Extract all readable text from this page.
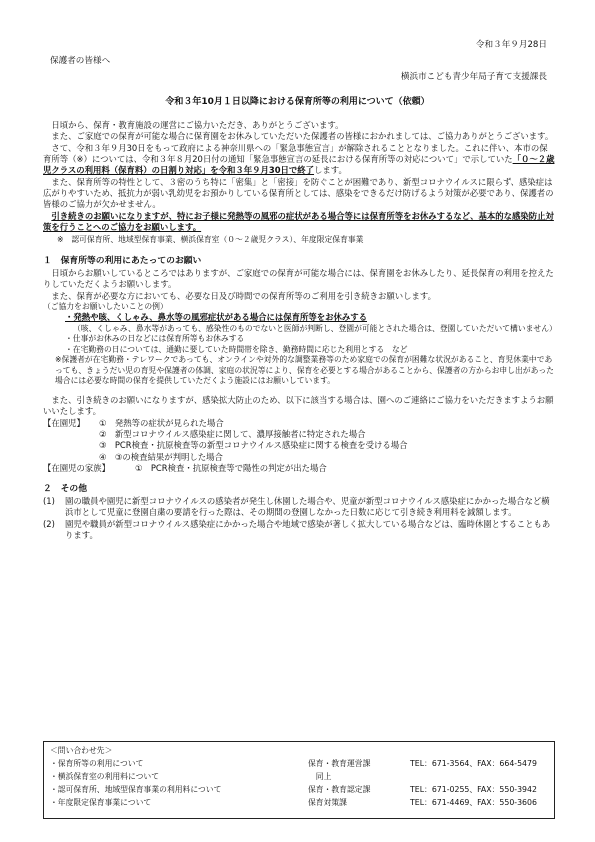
令和３年９月28日
保護者の皆様へ
横浜市こども青少年局子育て支援課長
令和３年10月１日以降における保育所等の利用について（依頼）

日頃から、保育・教育施設の運営にご協力いただき、ありがとうございます。

また、ご家庭での保育が可能な場合に保育園をお休みしていただいた保護者の皆様におかれましては、ご協力ありがとうございます。

さて、令和３年９月30日をもって政府による神奈川県への「緊急事態宣言」が解除されることとなりました。これに伴い、本市の保育所等（※）については、令和３年８月20日付の通知「緊急事態宣言の延長における保育所等の対応について」で示していた「０～２歳児クラスの利用料（保育料）の日割り対応」を令和３年９月30日で終了します。

また、保育所等の特性として、３密のうち特に「密集」と「密接」を防ぐことが困難であり、新型コロナウイルスに限らず、感染症は広がりやすいため、抵抗力が弱い乳幼児をお預かりしている保育所としては、感染をできるだけ防げるよう対策が必要であり、保護者の皆様のご協力が欠かせません。

引き続きのお願いになりますが、特にお子様に発熱等の風邪の症状がある場合等には保育所等をお休みするなど、基本的な感染防止対策を行うことへのご協力をお願いします。

※　認可保育所、地域型保育事業、横浜保育室（０～２歳児クラス）、年度限定保育事業

１　保育所等の利用にあたってのお願い

日頃からお願いしているところではありますが、ご家庭での保育が可能な場合には、保育園をお休みしたり、延長保育の利用を控えたりしていただくようお願いします。

また、保育が必要な方においても、必要な日及び時間での保育所等のご利用を引き続きお願いします。

（ご協力をお願いしたいことの例）

・発熱や咳、くしゃみ、鼻水等の風邪症状がある場合には保育所等をお休みする

（咳、くしゃみ、鼻水等があっても、感染性のものでないと医師が判断し、登園が可能とされた場合は、登園していただいて構いません）

・仕事がお休みの日などには保育所等もお休みする

・在宅勤務の日については、通勤に要していた時間帯を除き、勤務時間に応じた利用とする　など

※保護者が在宅勤務・テレワークであっても、オンラインや対外的な調整業務等のため家庭での保育が困難な状況があること、育児休業中であっても、きょうだい児の育児や保護者の体調、家庭の状況等により、保育を必要とする場合があることから、保護者の方からお申し出があった場合には必要な時間の保育を提供していただくよう施設にはお願いしています。

また、引き続きのお願いになりますが、感染拡大防止のため、以下に該当する場合は、園へのご連絡にご協力をいただきますようお願いいたします。

【在園児】	①　発熱等の症状が見られた場合

②　新型コロナウイルス感染症に関して、濃厚接触者に特定された場合

③　PCR検査・抗原検査等の新型コロナウイルス感染症に関する検査を受ける場合

④　③の検査結果が判明した場合

【在園児の家族】	①　PCR検査・抗原検査等で陽性の判定が出た場合

２　その他

(1)	園の職員や園児に新型コロナウイルスの感染者が発生し休園した場合や、児童が新型コロナウイルス感染症にかかった場合など横浜市として児童に登園自粛の要請を行った際は、その期間の登園しなかった日数に応じて引き続き利用料を減額します。
(2)	園児や職員が新型コロナウイルス感染症にかかった場合や地域で感染が著しく拡大している場合などは、臨時休園とすることもあります。
＜問い合わせ先＞
・保育所等の利用について	保育・教育運営課	TEL：671-3564、FAX：664-5479
・横浜保育室の利用料について	　同上
・認可保育所、地域型保育事業の利用料について	保育・教育認定課	TEL：671-0255、FAX：550-3942
・年度限定保育事業について	保育対策課	TEL：671-4469、FAX：550-3606
